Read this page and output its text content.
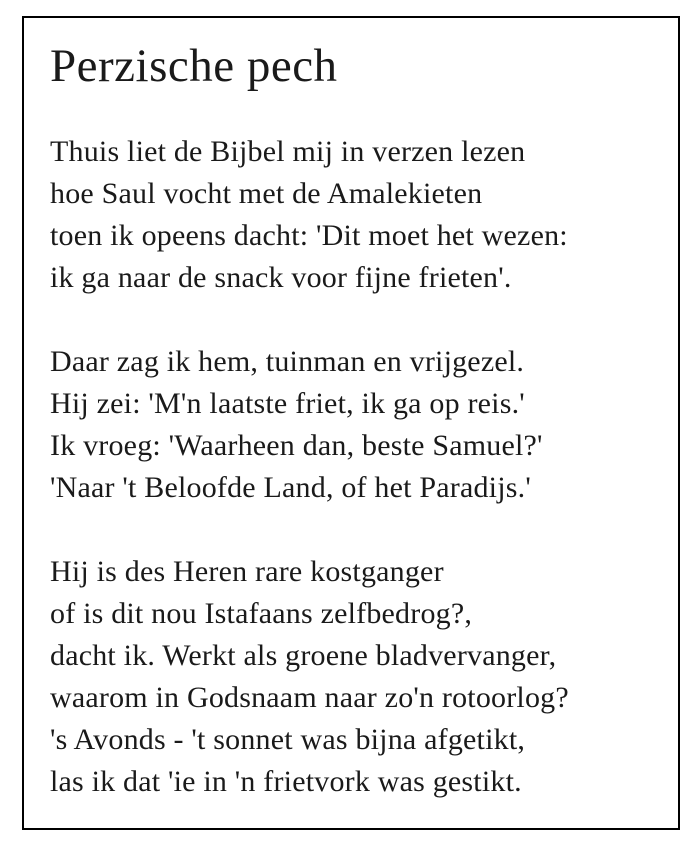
Perzische pech
Thuis liet de Bijbel mij in verzen lezen
hoe Saul vocht met de Amalekieten
toen ik opeens dacht: 'Dit moet het wezen:
ik ga naar de snack voor fijne frieten'.
Daar zag ik hem, tuinman en vrijgezel.
Hij zei: 'M'n laatste friet, ik ga op reis.'
Ik vroeg: 'Waarheen dan, beste Samuel?'
'Naar 't Beloofde Land, of het Paradijs.'
Hij is des Heren rare kostganger
of is dit nou Istafaans zelfbedrog?,
dacht ik. Werkt als groene bladvervanger,
waarom in Godsnaam naar zo'n rotoorlog?
's Avonds - 't sonnet was bijna afgetikt,
las ik dat 'ie in 'n frietvork was gestikt.
